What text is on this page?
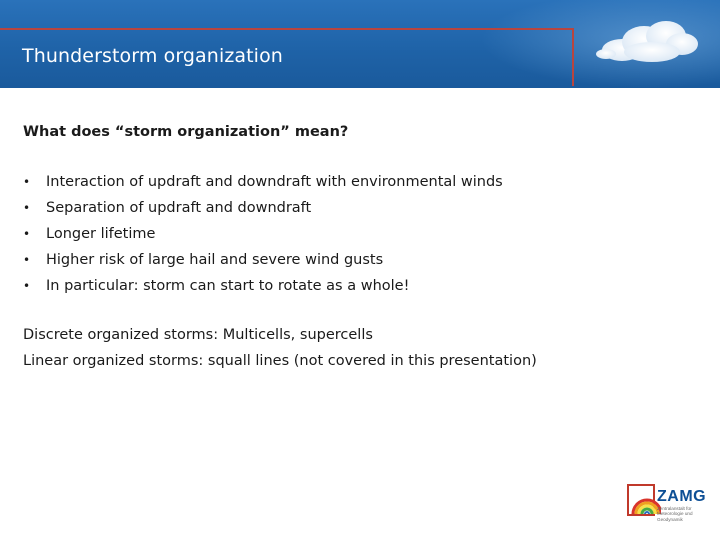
Thunderstorm organization

What does “storm organization” mean?

• Interaction of updraft and downdraft with environmental winds
• Separation of updraft and downdraft
• Longer lifetime
• Higher risk of large hail and severe wind gusts
• In particular: storm can start to rotate as a whole!
Discrete organized storms: Multicells, supercells
Linear organized storms: squall lines (not covered in this presentation)
ZAMG
Zentralanstalt für Meteorologie und Geodynamik
